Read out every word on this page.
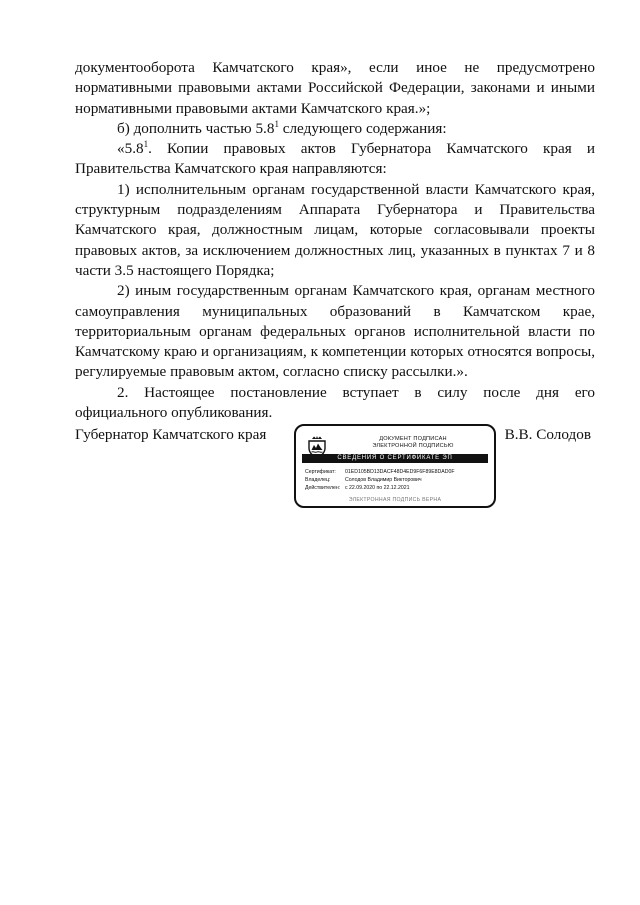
документооборота Камчатского края», если иное не предусмотрено нормативными правовыми актами Российской Федерации, законами и иными нормативными правовыми актами Камчатского края.»;

б) дополнить частью $5.8^1$ следующего содержания:

«$5.8^1$. Копии правовых актов Губернатора Камчатского края и Правительства Камчатского края направляются:

1) исполнительным органам государственной власти Камчатского края, структурным подразделениям Аппарата Губернатора и Правительства Камчатского края, должностным лицам, которые согласовывали проекты правовых актов, за исключением должностных лиц, указанных в пунктах 7 и 8 части 3.5 настоящего Порядка;

2) иным государственным органам Камчатского края, органам местного самоуправления муниципальных образований в Камчатском крае, территориальным органам федеральных органов исполнительной власти по Камчатскому краю и организациям, к компетенции которых относятся вопросы, регулируемые правовым актом, согласно списку рассылки.».

2. Настоящее постановление вступает в силу после дня его официального опубликования.

Губернатор Камчатского края	ДОКУМЕНТ ПОДПИСАН
ЭЛЕКТРОННОЙ ПОДПИСЬЮ
СВЕДЕНИЯ О СЕРТИФИКАТЕ ЭП
Сертификат:	01ED105BD13DACF48D4ED9F6F89E8DAD0F
Владелец:	Солодов Владимир Викторович
Действителен: с 22.09.2020 по 22.12.2021
ЭЛЕКТРОННАЯ ПОДПИСЬ ВЕРНА
В.В. Солодов
